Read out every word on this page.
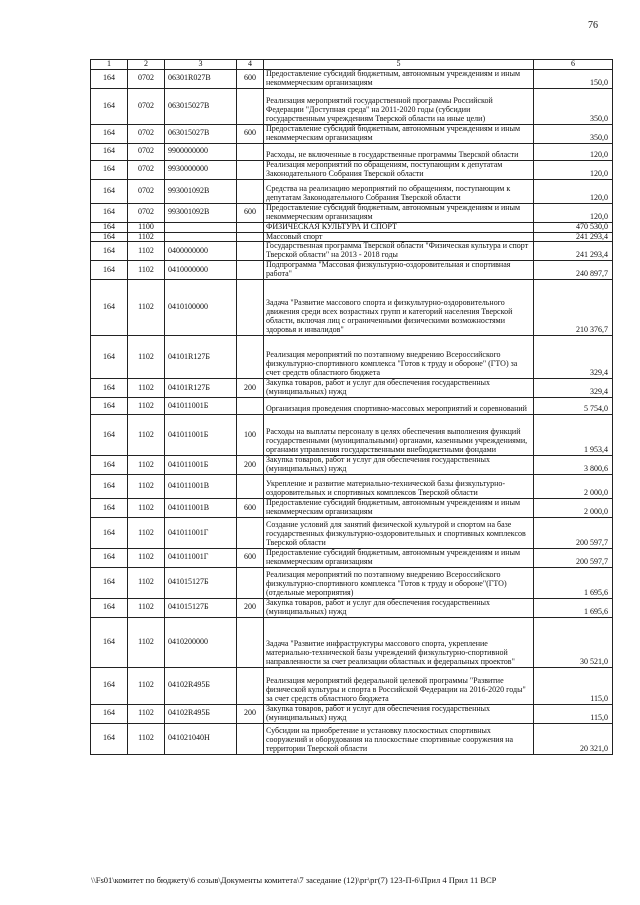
76
1	2	3	4	5	6
164	0702	06301R027В	600	Предоставление субсидий бюджетным, автономным учреждениям и иным некоммерческим организациям	150,0
164	0702	063015027В		Реализация мероприятий государственной программы Российской Федерации "Доступная среда" на 2011-2020 годы (субсидии государственным учреждениям Тверской области на иные цели)	350,0
164	0702	063015027В	600	Предоставление субсидий бюджетным, автономным учреждениям и иным некоммерческим организациям	350,0
164	0702	9900000000		Расходы, не включенные в государственные программы Тверской области	120,0
164	0702	9930000000		Реализация мероприятий по обращениям, поступающим к депутатам Законодательного Собрания Тверской области	120,0
164	0702	993001092В		Средства на реализацию мероприятий по обращениям, поступающим к депутатам Законодательного Собрания Тверской области	120,0
164	0702	993001092В	600	Предоставление субсидий бюджетным, автономным учреждениям и иным некоммерческим организациям	120,0
164	1100			ФИЗИЧЕСКАЯ КУЛЬТУРА И СПОРТ	470 530,0
164	1102			Массовый спорт	241 293,4
164	1102	0400000000		Государственная программа Тверской области "Физическая культура и спорт Тверской области" на 2013 - 2018 годы	241 293,4
164	1102	0410000000		Подпрограмма "Массовая физкультурно-оздоровительная и спортивная работа"	240 897,7
164	1102	0410100000		Задача "Развитие массового спорта и физкультурно-оздоровительного движения среди всех возрастных групп и категорий населения Тверской области, включая лиц с ограниченными физическими возможностями здоровья и инвалидов"	210 376,7
164	1102	04101R127Б		Реализация мероприятий по поэтапному внедрению Всероссийского физкультурно-спортивного комплекса "Готов к труду и обороне" (ГТО) за счет средств областного бюджета	329,4
164	1102	04101R127Б	200	Закупка товаров, работ и услуг для обеспечения государственных (муниципальных) нужд	329,4
164	1102	041011001Б		Организация проведения спортивно-массовых мероприятий и соревнований	5 754,0
164	1102	041011001Б	100	Расходы на выплаты персоналу в целях обеспечения выполнения функций государственными (муниципальными) органами, казенными учреждениями, органами управления государственными внебюджетными фондами	1 953,4
164	1102	041011001Б	200	Закупка товаров, работ и услуг для обеспечения государственных (муниципальных) нужд	3 800,6
164	1102	041011001В		Укрепление и развитие материально-технической базы физкультурно-оздоровительных и спортивных комплексов Тверской области	2 000,0
164	1102	041011001В	600	Предоставление субсидий бюджетным, автономным учреждениям и иным некоммерческим организациям	2 000,0
164	1102	041011001Г		Создание условий для занятий физической культурой и спортом на базе государственных физкультурно-оздоровительных и спортивных комплексов Тверской области	200 597,7
164	1102	041011001Г	600	Предоставление субсидий бюджетным, автономным учреждениям и иным некоммерческим организациям	200 597,7
164	1102	041015127Б		Реализация мероприятий по поэтапному внедрению Всероссийского физкультурно-спортивного комплекса "Готов к труду и обороне"(ГТО) (отдельные мероприятия)	1 695,6
164	1102	041015127Б	200	Закупка товаров, работ и услуг для обеспечения государственных (муниципальных) нужд	1 695,6
164	1102	0410200000		Задача "Развитие инфраструктуры массового спорта, укрепление материально-технической базы учреждений физкультурно-спортивной направленности за счет реализации областных и федеральных проектов"	30 521,0
164	1102	04102R495Б		Реализация мероприятий федеральной целевой программы "Развитие физической культуры и спорта в Российской Федерации на 2016-2020 годы" за счет средств областного бюджета	115,0
164	1102	04102R495Б	200	Закупка товаров, работ и услуг для обеспечения государственных (муниципальных) нужд	115,0
164	1102	041021040Н		Субсидии на приобретение и установку плоскостных спортивных сооружений и оборудования на плоскостные спортивные сооружения на территории Тверской области	20 321,0
\\Fs01\комитет по бюджету\6 созыв\Документы комитета\7 заседание (12)\рг\рг(7) 123-П-6\Прил 4 Прил 11 ВСР
